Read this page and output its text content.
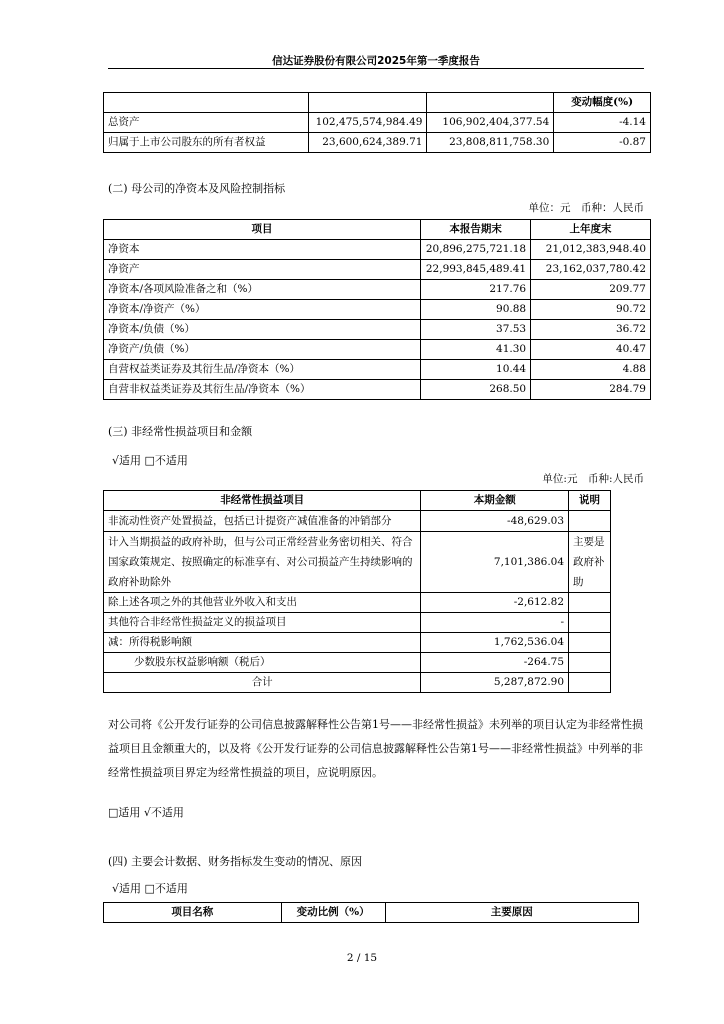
信达证券股份有限公司2025年第一季度报告
			变动幅度(%)
总资产	102,475,574,984.49	106,902,404,377.54	-4.14
归属于上市公司股东的所有者权益	23,600,624,389.71	23,808,811,758.30	-0.87
(二) 母公司的净资本及风险控制指标
单位：元　币种：人民币
项目	本报告期末	上年度末
净资本	20,896,275,721.18	21,012,383,948.40
净资产	22,993,845,489.41	23,162,037,780.42
净资本/各项风险准备之和（%）	217.76	209.77
净资本/净资产（%）	90.88	90.72
净资本/负债（%）	37.53	36.72
净资产/负债（%）	41.30	40.47
自营权益类证券及其衍生品/净资本（%）	10.44	4.88
自营非权益类证券及其衍生品/净资本（%）	268.50	284.79
(三) 非经常性损益项目和金额
√适用 □不适用
单位:元　币种:人民币
非经常性损益项目	本期金额	说明
非流动性资产处置损益，包括已计提资产减值准备的冲销部分	-48,629.03	
计入当期损益的政府补助，但与公司正常经营业务密切相关、符合国家政策规定、按照确定的标准享有、对公司损益产生持续影响的政府补助除外	7,101,386.04	主要是政府补助
除上述各项之外的其他营业外收入和支出	-2,612.82	
其他符合非经常性损益定义的损益项目	-	
减：所得税影响额	1,762,536.04	
少数股东权益影响额（税后）	-264.75	
合计	5,287,872.90	
对公司将《公开发行证券的公司信息披露解释性公告第1号——非经常性损益》未列举的项目认定为非经常性损益项目且金额重大的，以及将《公开发行证券的公司信息披露解释性公告第1号——非经常性损益》中列举的非经常性损益项目界定为经常性损益的项目，应说明原因。
□适用 √不适用
(四) 主要会计数据、财务指标发生变动的情况、原因
√适用 □不适用
项目名称	变动比例（%）	主要原因
2 / 15
